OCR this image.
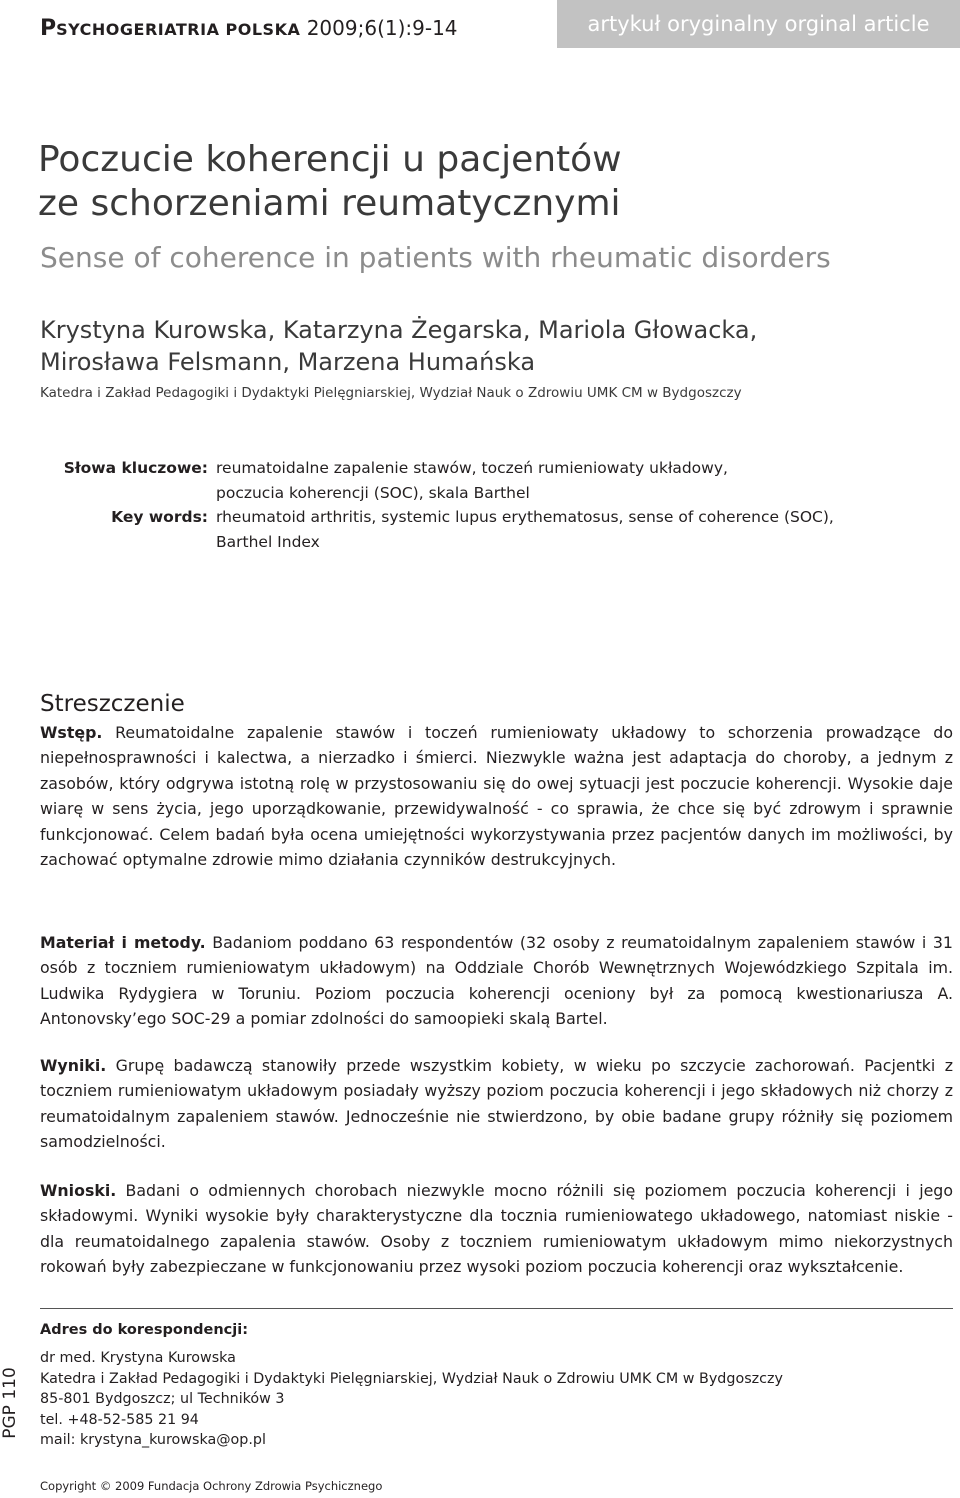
PSYCHOGERIATRIA POLSKA 2009;6(1):9-14	artykuł oryginalny orginal article
Poczucie koherencji u pacjentów
ze schorzeniami reumatycznymi
Sense of coherence in patients with rheumatic disorders
Krystyna Kurowska, Katarzyna Żegarska, Mariola Głowacka,
Mirosława Felsmann, Marzena Humańska
Katedra i Zakład Pedagogiki i Dydaktyki Pielęgniarskiej, Wydział Nauk o Zdrowiu UMK CM w Bydgoszczy
Słowa kluczowe: reumatoidalne zapalenie stawów, toczeń rumieniowaty układowy,
poczucia koherencji (SOC), skala Barthel
Key words: rheumatoid arthritis, systemic lupus erythematosus, sense of coherence (SOC),
Barthel Index
Streszczenie

Wstęp. Reumatoidalne zapalenie stawów i toczeń rumieniowaty układowy to schorzenia prowadzące do niepełnosprawności i kalectwa, a nierzadko i śmierci. Niezwykle ważna jest adaptacja do choroby, a jednym z zasobów, który odgrywa istotną rolę w przystosowaniu się do owej sytuacji jest poczucie koherencji. Wysokie daje wiarę w sens życia, jego uporządkowanie, przewidywalność - co sprawia, że chce się być zdrowym i sprawnie funkcjonować. Celem badań była ocena umiejętności wykorzystywania przez pacjentów danych im możliwości, by zachować optymalne zdrowie mimo działania czynników destrukcyjnych.

Materiał i metody. Badaniom poddano 63 respondentów (32 osoby z reumatoidalnym zapaleniem stawów i 31 osób z toczniem rumieniowatym układowym) na Oddziale Chorób Wewnętrznych Wojewódzkiego Szpitala im. Ludwika Rydygiera w Toruniu. Poziom poczucia koherencji oceniony był za pomocą kwestionariusza A. Antonovsky’ego SOC-29 a pomiar zdolności do samoopieki skalą Bartel.

Wyniki. Grupę badawczą stanowiły przede wszystkim kobiety, w wieku po szczycie zachorowań. Pacjentki z toczniem rumieniowatym układowym posiadały wyższy poziom poczucia koherencji i jego składowych niż chorzy z reumatoidalnym zapaleniem stawów. Jednocześnie nie stwierdzono, by obie badane grupy różniły się poziomem samodzielności.

Wnioski. Badani o odmiennych chorobach niezwykle mocno różnili się poziomem poczucia koherencji i jego składowymi. Wyniki wysokie były charakterystyczne dla tocznia rumieniowatego układowego, natomiast niskie - dla reumatoidalnego zapalenia stawów. Osoby z toczniem rumieniowatym układowym mimo niekorzystnych rokowań były zabezpieczane w funkcjonowaniu przez wysoki poziom poczucia koherencji oraz wykształcenie.

Adres do korespondencji:
dr med. Krystyna Kurowska
Katedra i Zakład Pedagogiki i Dydaktyki Pielęgniarskiej, Wydział Nauk o Zdrowiu UMK CM w Bydgoszczy
85-801 Bydgoszcz; ul Techników 3
tel. +48-52-585 21 94
mail: krystyna_kurowska@op.pl
PGP 110
Copyright © 2009 Fundacja Ochrony Zdrowia Psychicznego
